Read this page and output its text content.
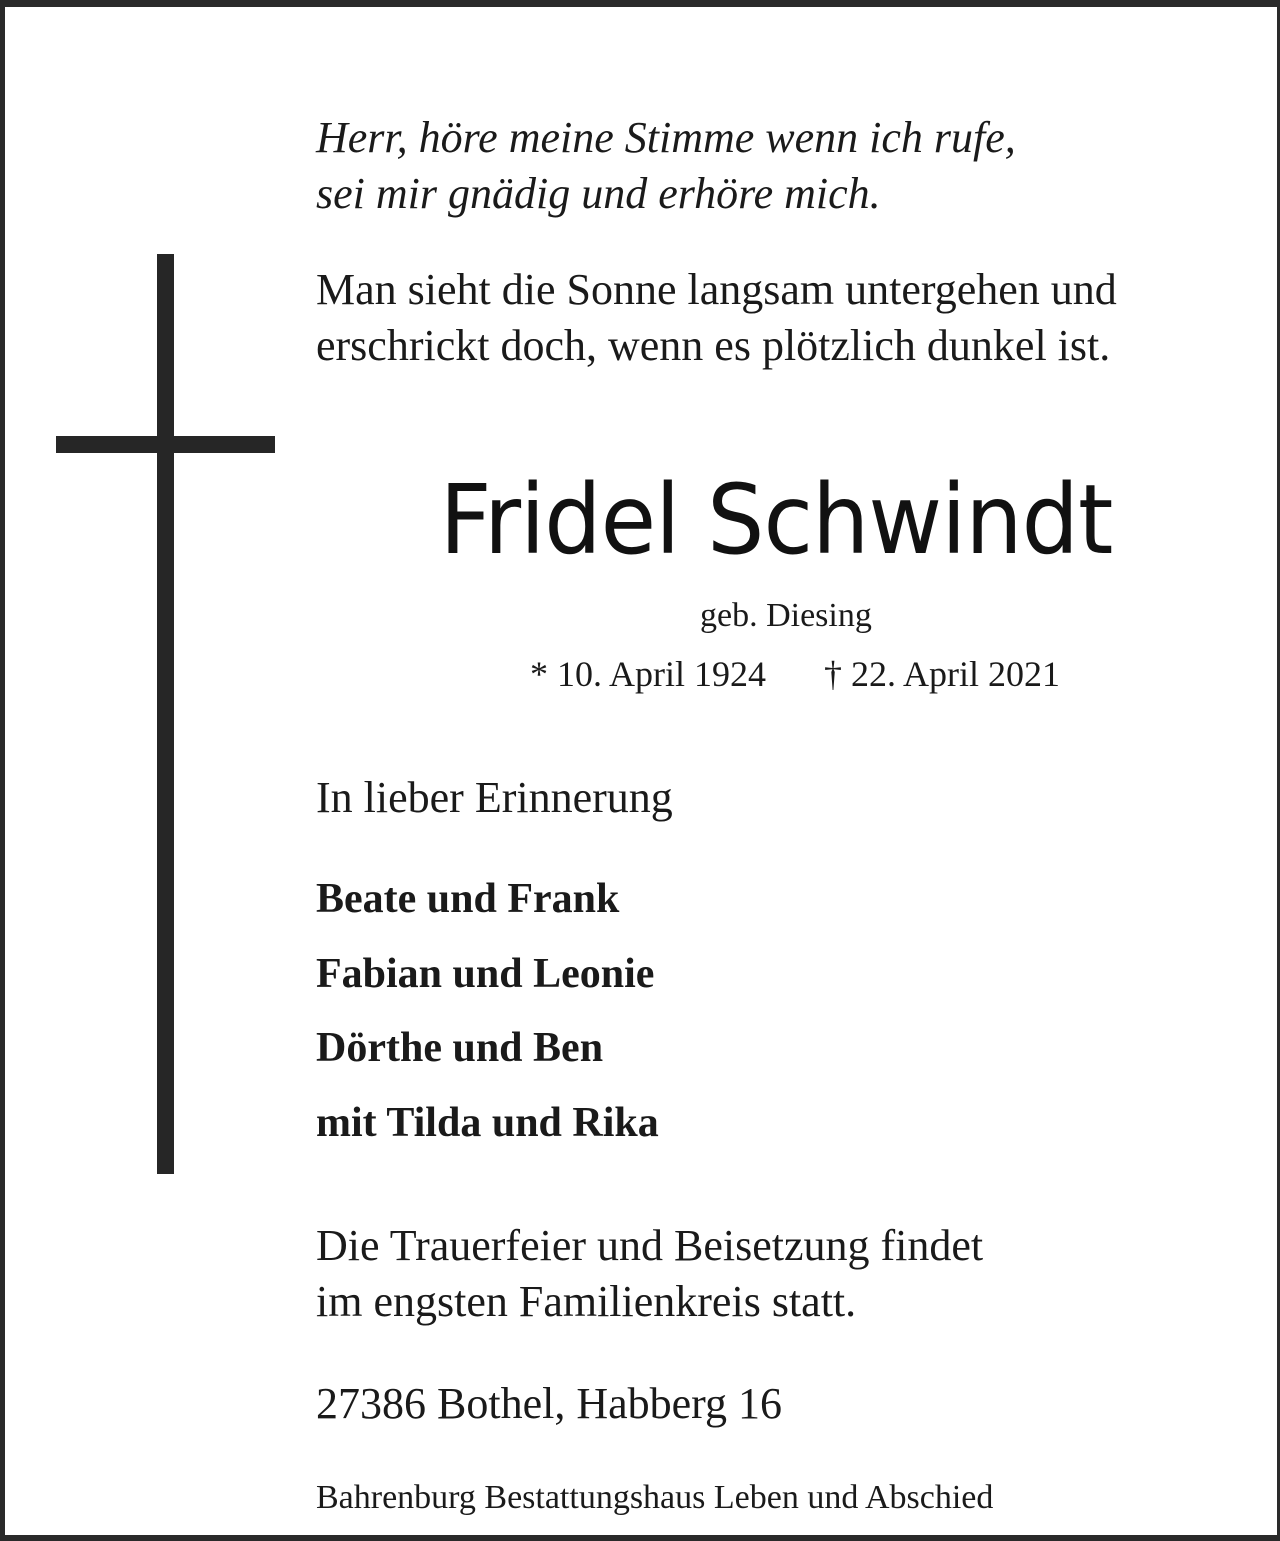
Herr, höre meine Stimme wenn ich rufe,
sei mir gnädig und erhöre mich.
Man sieht die Sonne langsam untergehen und
erschrickt doch, wenn es plötzlich dunkel ist.
Fridel Schwindt
geb. Diesing
* 10. April 1924 † 22. April 2021
In lieber Erinnerung
Beate und Frank
Fabian und Leonie
Dörthe und Ben
mit Tilda und Rika
Die Trauerfeier und Beisetzung findet
im engsten Familienkreis statt.
27386 Bothel, Habberg 16
Bahrenburg Bestattungshaus Leben und Abschied
